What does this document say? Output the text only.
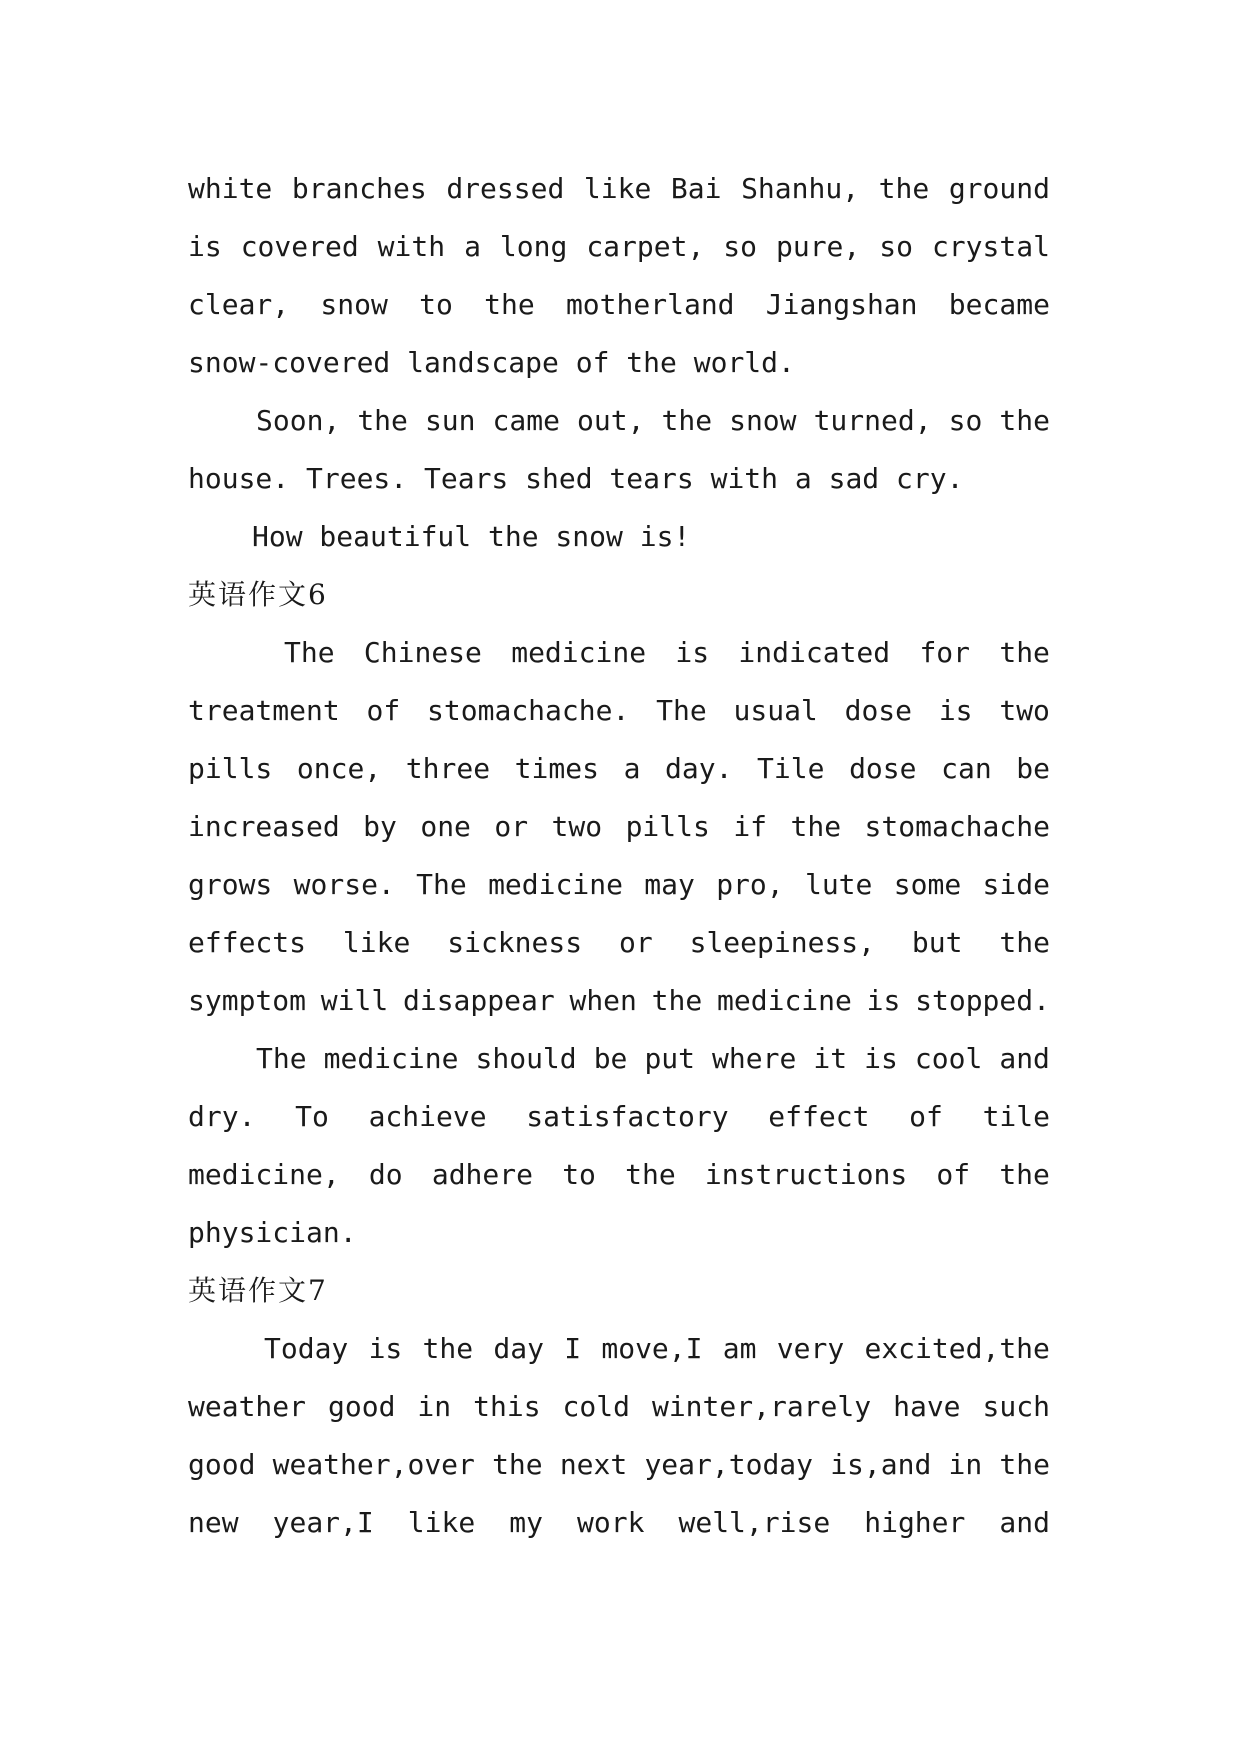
white branches dressed like Bai Shanhu, the ground
is covered with a long carpet, so pure, so crystal
clear, snow to the motherland Jiangshan became
snow-covered landscape of the world.
Soon, the sun came out, the snow turned, so the
house. Trees. Tears shed tears with a sad cry.
How beautiful the snow is!
英语作文6
The Chinese medicine is indicated for the
treatment of stomachache. The usual dose is two
pills once, three times a day. Tile dose can be
increased by one or two pills if the stomachache
grows worse. The medicine may pro, lute some side
effects like sickness or sleepiness, but the
symptom will disappear when the medicine is stopped.
The medicine should be put where it is cool and
dry. To achieve satisfactory effect of tile
medicine, do adhere to the instructions of the
physician.
英语作文7
Today is the day I move,I am very excited,the
weather good in this cold winter,rarely have such
good weather,over the next year,today is,and in the
new year,I like my work well,rise higher and
